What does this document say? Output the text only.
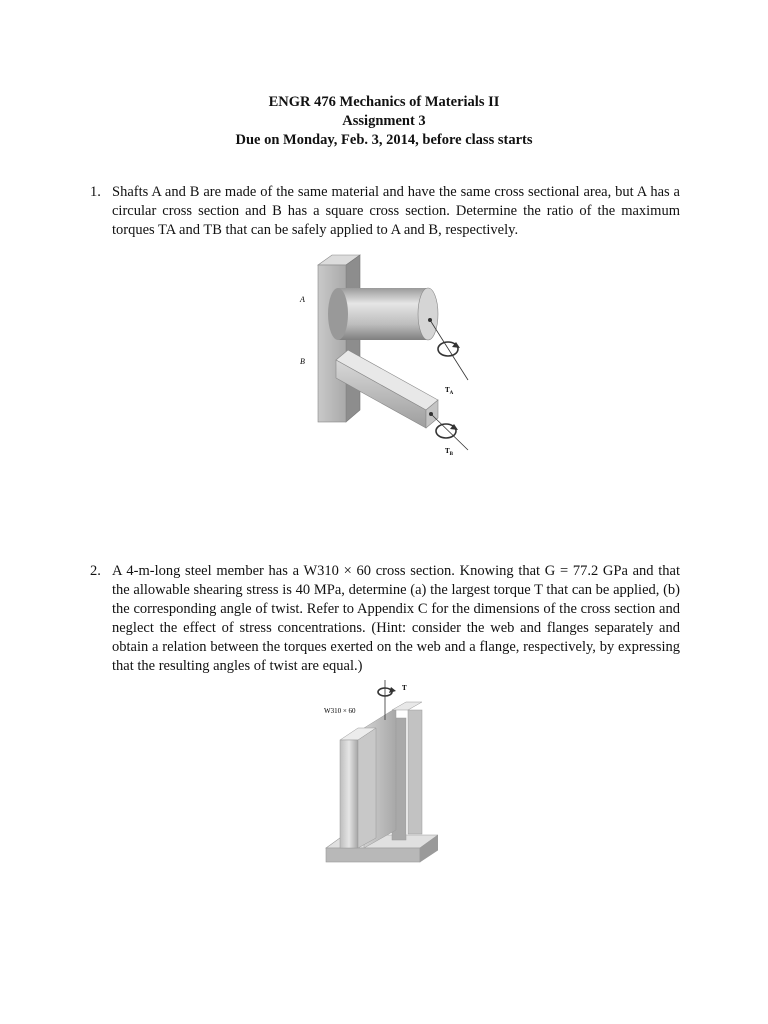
ENGR 476 Mechanics of Materials II
Assignment 3
Due on Monday, Feb. 3, 2014, before class starts
1. Shafts A and B are made of the same material and have the same cross sectional area, but A has a circular cross section and B has a square cross section. Determine the ratio of the maximum torques TA and TB that can be safely applied to A and B, respectively.
A
B
$T_A$
$T_B$
2. A 4-m-long steel member has a W310 × 60 cross section. Knowing that G = 77.2 GPa and that the allowable shearing stress is 40 MPa, determine (a) the largest torque T that can be applied, (b) the corresponding angle of twist. Refer to Appendix C for the dimensions of the cross section and neglect the effect of stress concentrations. (Hint: consider the web and flanges separately and obtain a relation between the torques exerted on the web and a flange, respectively, by expressing that the resulting angles of twist are equal.)
T
W310 × 60
